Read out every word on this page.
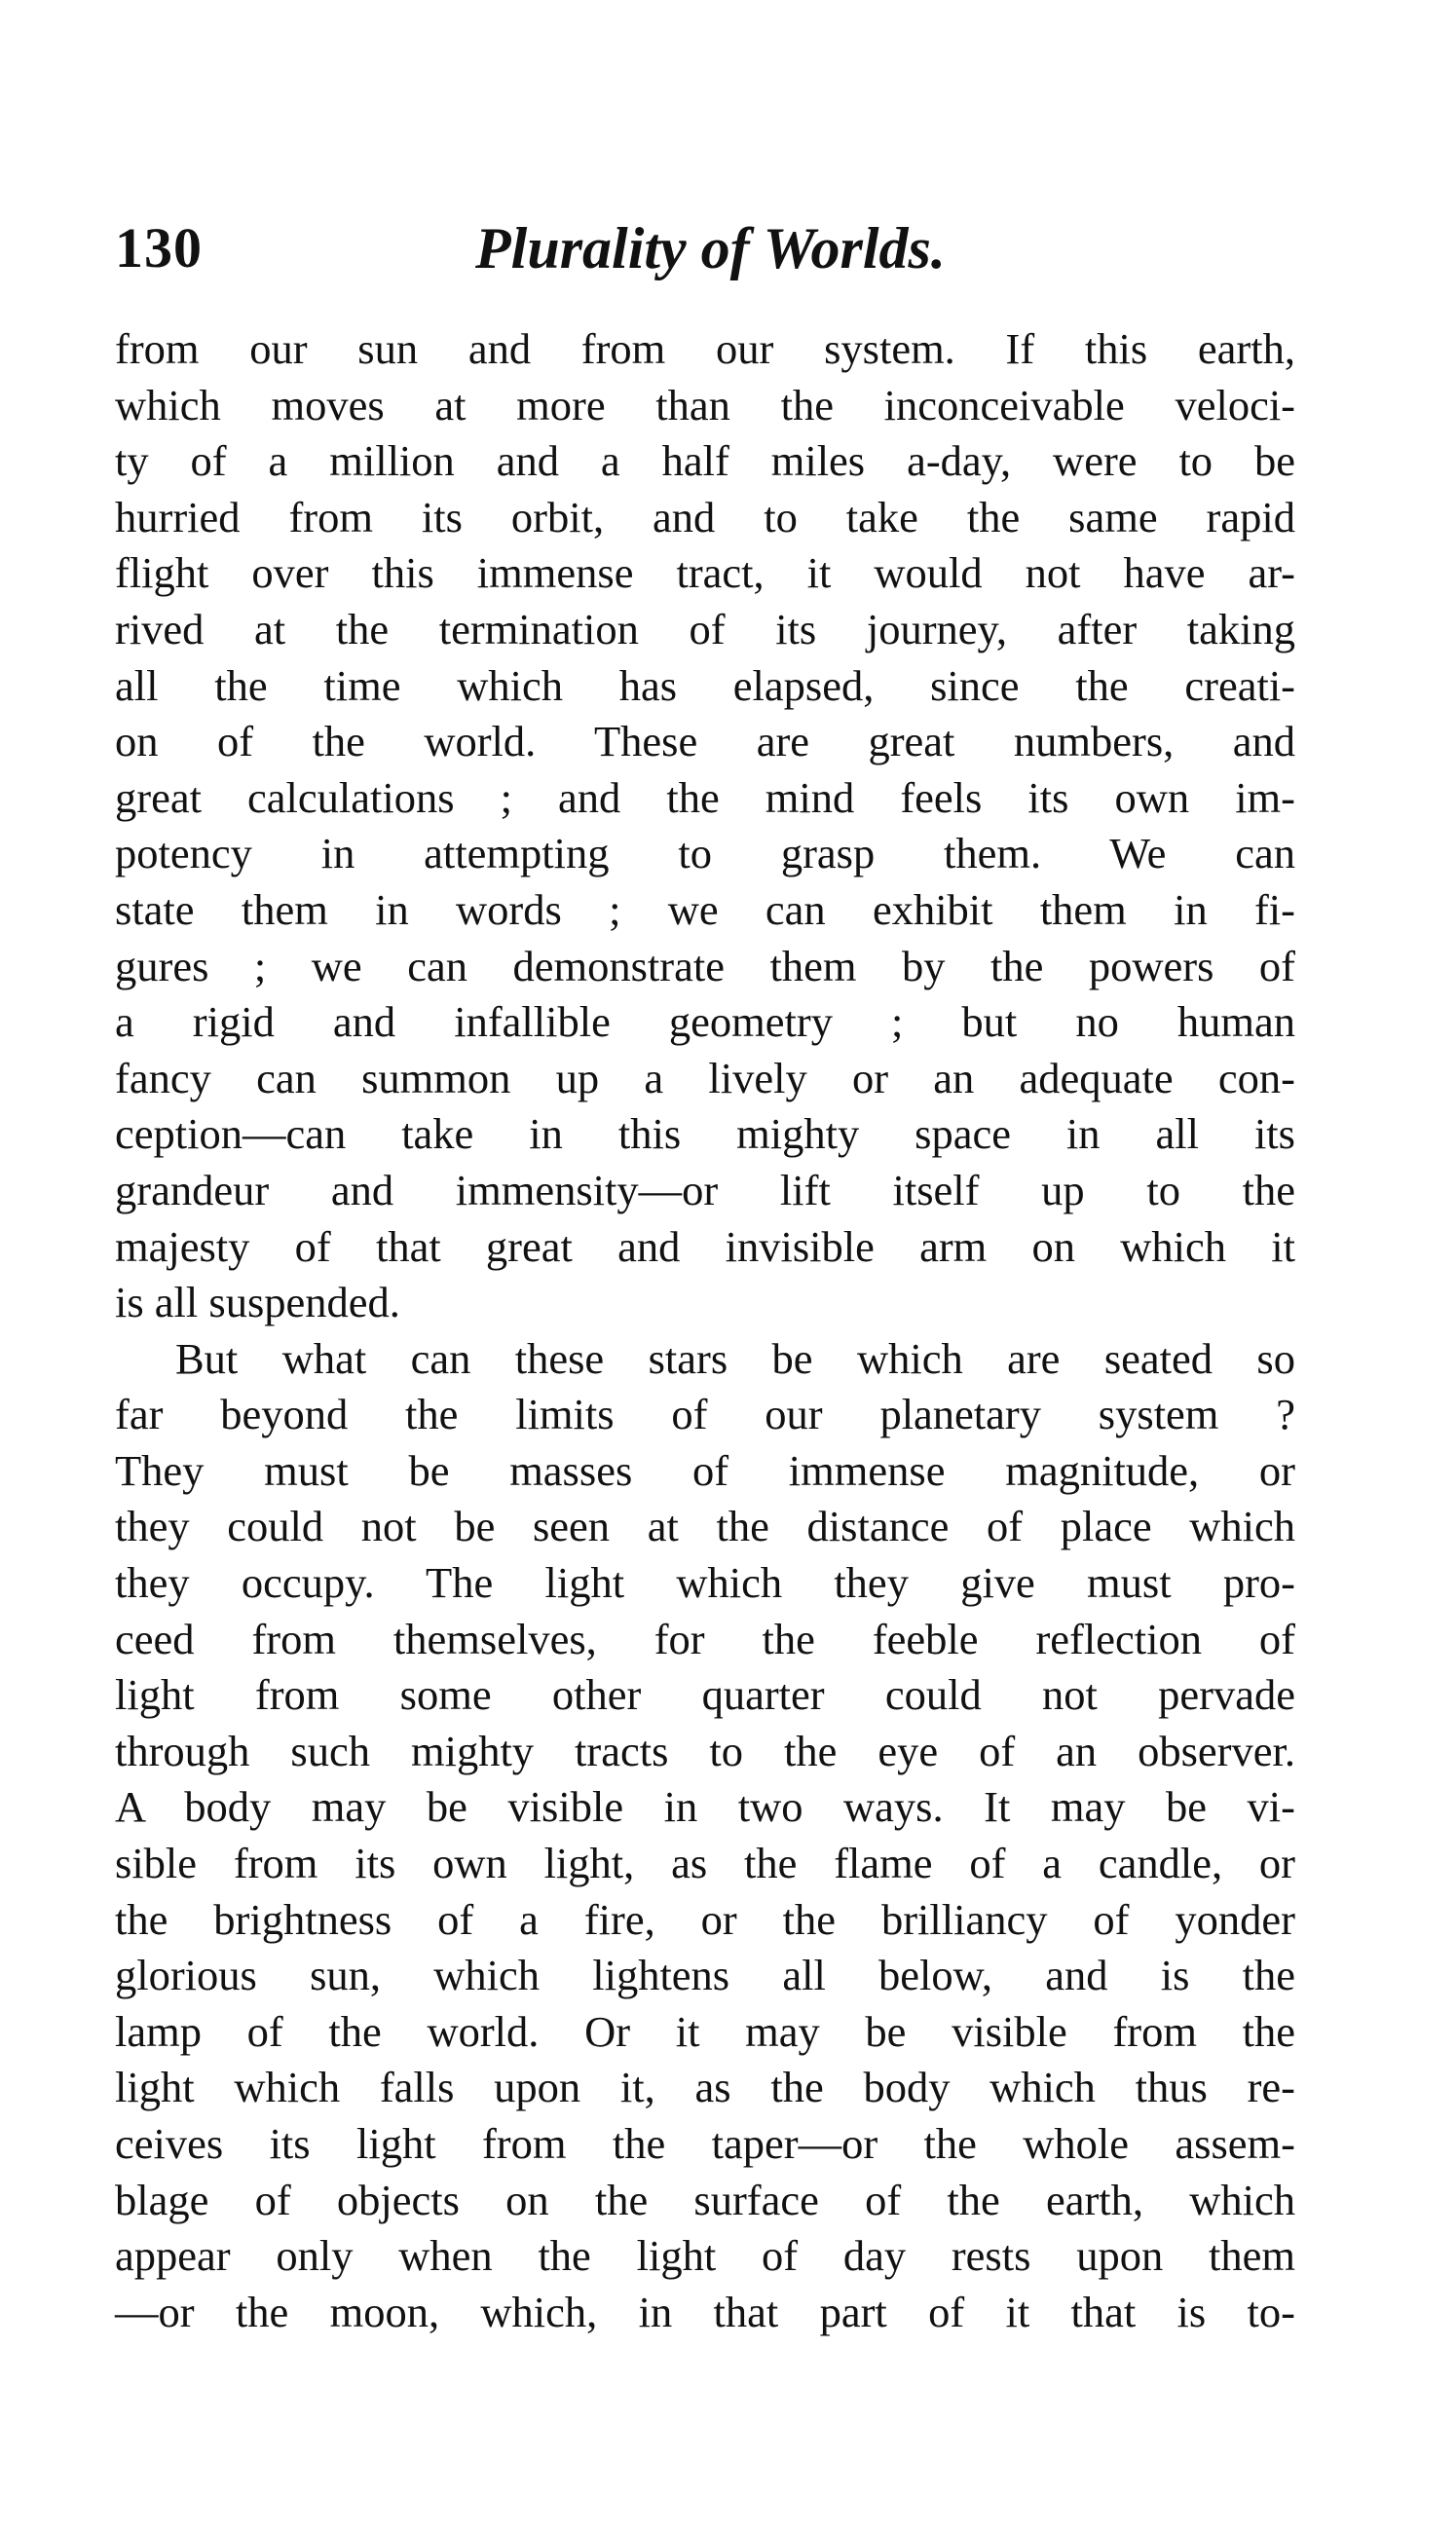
130	Plurality of Worlds.
from our sun and from our system. If this earth,
which moves at more than the inconceivable veloci-
ty of a million and a half miles a-day, were to be
hurried from its orbit, and to take the same rapid
flight over this immense tract, it would not have ar-
rived at the termination of its journey, after taking
all the time which has elapsed, since the creati-
on of the world. These are great numbers, and
great calculations ; and the mind feels its own im-
potency in attempting to grasp them. We can
state them in words ; we can exhibit them in fi-
gures ; we can demonstrate them by the powers of
a rigid and infallible geometry ; but no human
fancy can summon up a lively or an adequate con-
ception—can take in this mighty space in all its
grandeur and immensity—or lift itself up to the
majesty of that great and invisible arm on which it
is all suspended.
But what can these stars be which are seated so
far beyond the limits of our planetary system ?
They must be masses of immense magnitude, or
they could not be seen at the distance of place which
they occupy. The light which they give must pro-
ceed from themselves, for the feeble reflection of
light from some other quarter could not pervade
through such mighty tracts to the eye of an observer.
A body may be visible in two ways. It may be vi-
sible from its own light, as the flame of a candle, or
the brightness of a fire, or the brilliancy of yonder
glorious sun, which lightens all below, and is the
lamp of the world. Or it may be visible from the
light which falls upon it, as the body which thus re-
ceives its light from the taper—or the whole assem-
blage of objects on the surface of the earth, which
appear only when the light of day rests upon them
—or the moon, which, in that part of it that is to-
